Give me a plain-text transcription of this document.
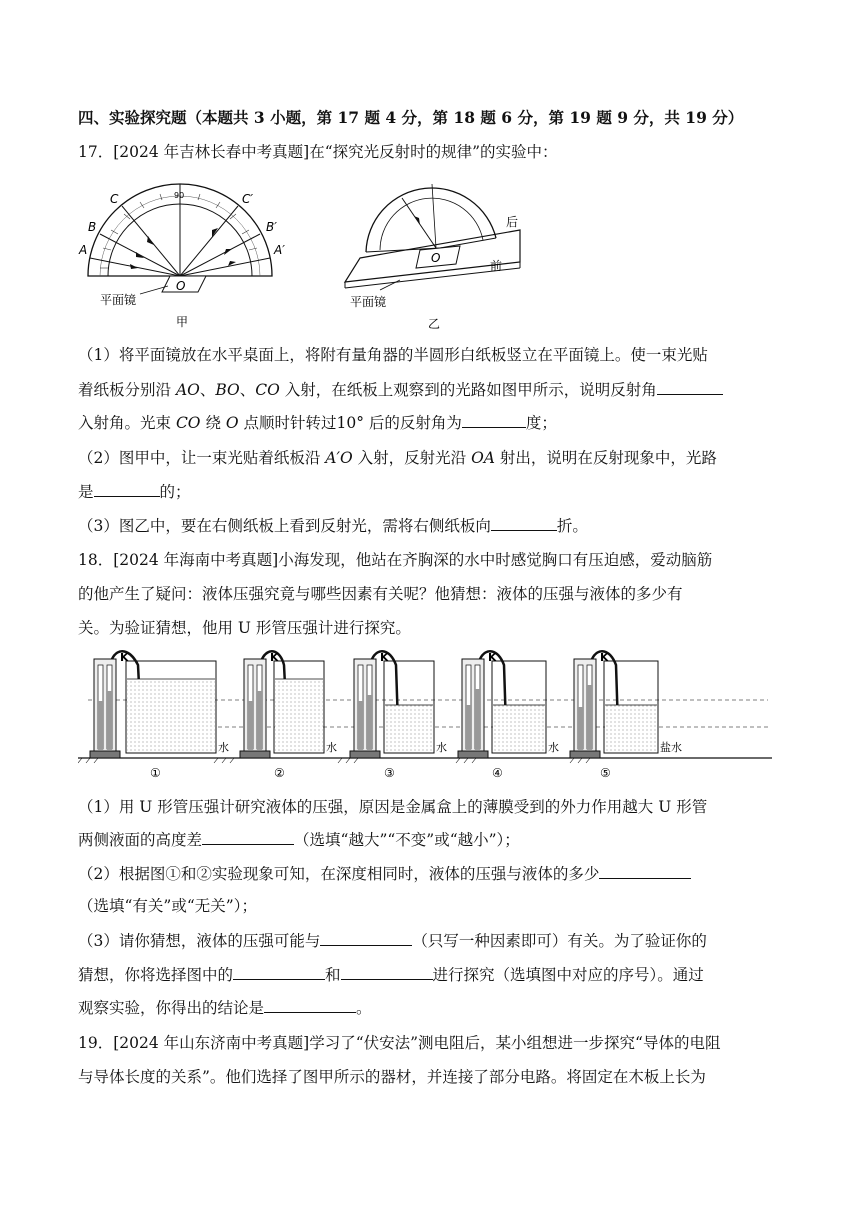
四、实验探究题（本题共 3 小题，第 17 题 4 分，第 18 题 6 分，第 19 题 9 分，共 19 分）
17．[2024 年吉林长春中考真题]在“探究光反射时的规律”的实验中：
90
A
B
C	C′
B′
A′
O
平面镜
甲
O
平面镜
后
前
乙
（1）将平面镜放在水平桌面上，将附有量角器的半圆形白纸板竖立在平面镜上。使一束光贴
着纸板分别沿 AO、BO、CO 入射，在纸板上观察到的光路如图甲所示，说明反射角
入射角。光束 CO 绕 O 点顺时针转过10° 后的反射角为	度；
（2）图甲中，让一束光贴着纸板沿 A′O 入射，反射光沿 OA 射出，说明在反射现象中，光路
是	的；
（3）图乙中，要在右侧纸板上看到反射光，需将右侧纸板向	折。
18．[2024 年海南中考真题]小海发现，他站在齐胸深的水中时感觉胸口有压迫感，爱动脑筋
的他产生了疑问：液体压强究竟与哪些因素有关呢？他猜想：液体的压强与液体的多少有
关。为验证猜想，他用 U 形管压强计进行探究。
K	K	K	K	K
水	水	水	水	盐水
①	②	③	④	⑤
（1）用 U 形管压强计研究液体的压强，原因是金属盒上的薄膜受到的外力作用越大 U 形管
两侧液面的高度差	（选填“越大”“不变”或“越小”）；
（2）根据图①和②实验现象可知，在深度相同时，液体的压强与液体的多少
（选填“有关”或“无关”）；
（3）请你猜想，液体的压强可能与	（只写一种因素即可）有关。为了验证你的
猜想，你将选择图中的	和	进行探究（选填图中对应的序号）。通过
观察实验，你得出的结论是	。
19．[2024 年山东济南中考真题]学习了“伏安法”测电阻后，某小组想进一步探究“导体的电阻
与导体长度的关系”。他们选择了图甲所示的器材，并连接了部分电路。将固定在木板上长为
